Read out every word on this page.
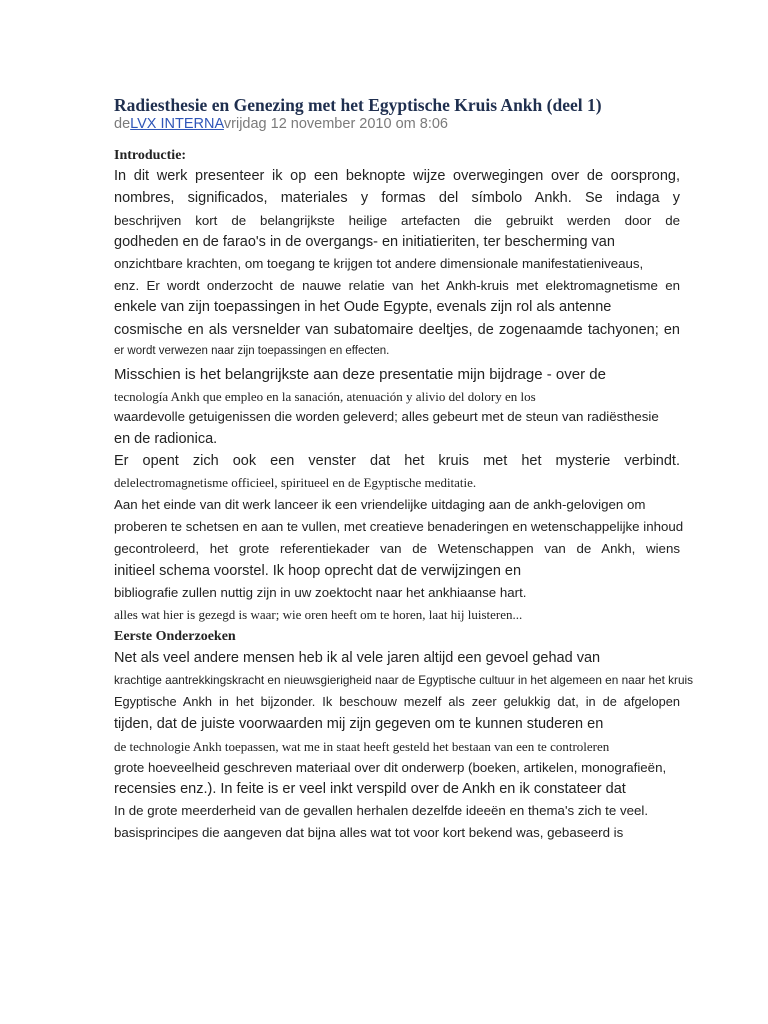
Radiesthesie en Genezing met het Egyptische Kruis Ankh (deel 1)
deLVX INTERNAvrijdag 12 november 2010 om 8:06
Introductie:
In dit werk presenteer ik op een beknopte wijze overwegingen over de oorsprong,
nombres, significados, materiales y formas del símbolo Ankh. Se indaga y
beschrijven kort de belangrijkste heilige artefacten die gebruikt werden door de
godheden en de farao's in de overgangs- en initiatieriten, ter bescherming van
onzichtbare krachten, om toegang te krijgen tot andere dimensionale manifestatieniveaus,
enz. Er wordt onderzocht de nauwe relatie van het Ankh-kruis met elektromagnetisme en
enkele van zijn toepassingen in het Oude Egypte, evenals zijn rol als antenne
cosmische en als versnelder van subatomaire deeltjes, de zogenaamde tachyonen; en
er wordt verwezen naar zijn toepassingen en effecten.
Misschien is het belangrijkste aan deze presentatie mijn bijdrage - over de
tecnología Ankh que empleo en la sanación, atenuación y alivio del dolory en los
waardevolle getuigenissen die worden geleverd; alles gebeurt met de steun van radiësthesie
en de radionica.
Er opent zich ook een venster dat het kruis met het mysterie verbindt.
delelectromagnetisme officieel, spiritueel en de Egyptische meditatie.
Aan het einde van dit werk lanceer ik een vriendelijke uitdaging aan de ankh-gelovigen om
proberen te schetsen en aan te vullen, met creatieve benaderingen en wetenschappelijke inhoud
gecontroleerd, het grote referentiekader van de Wetenschappen van de Ankh, wiens
initieel schema voorstel. Ik hoop oprecht dat de verwijzingen en
bibliografie zullen nuttig zijn in uw zoektocht naar het ankhiaanse hart.
alles wat hier is gezegd is waar; wie oren heeft om te horen, laat hij luisteren...
Eerste Onderzoeken
Net als veel andere mensen heb ik al vele jaren altijd een gevoel gehad van
krachtige aantrekkingskracht en nieuwsgierigheid naar de Egyptische cultuur in het algemeen en naar het kruis
Egyptische Ankh in het bijzonder. Ik beschouw mezelf als zeer gelukkig dat, in de afgelopen
tijden, dat de juiste voorwaarden mij zijn gegeven om te kunnen studeren en
de technologie Ankh toepassen, wat me in staat heeft gesteld het bestaan van een te controleren
grote hoeveelheid geschreven materiaal over dit onderwerp (boeken, artikelen, monografieën,
recensies enz.). In feite is er veel inkt verspild over de Ankh en ik constateer dat
In de grote meerderheid van de gevallen herhalen dezelfde ideeën en thema's zich te veel.
basisprincipes die aangeven dat bijna alles wat tot voor kort bekend was, gebaseerd is
